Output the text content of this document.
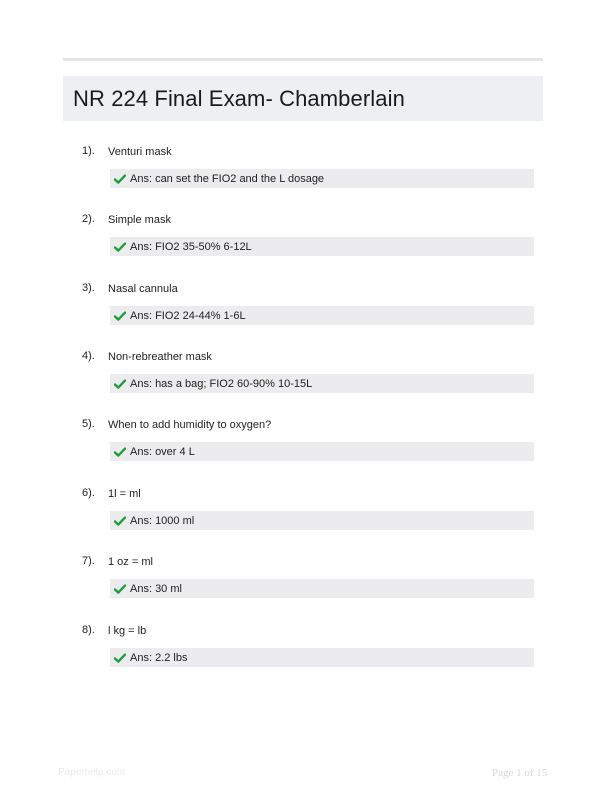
NR 224 Final Exam- Chamberlain
1). Venturi mask
Ans: can set the FIO2 and the L dosage
2). Simple mask
Ans: FIO2 35-50% 6-12L
3). Nasal cannula
Ans: FIO2 24-44% 1-6L
4). Non-rebreather mask
Ans: has a bag; FIO2 60-90% 10-15L
5). When to add humidity to oxygen?
Ans: over 4 L
6). 1l = ml
Ans: 1000 ml
7). 1 oz = ml
Ans: 30 ml
8). l kg = lb
Ans: 2.2 lbs
Paperhelp.com	Page 1 of 15
